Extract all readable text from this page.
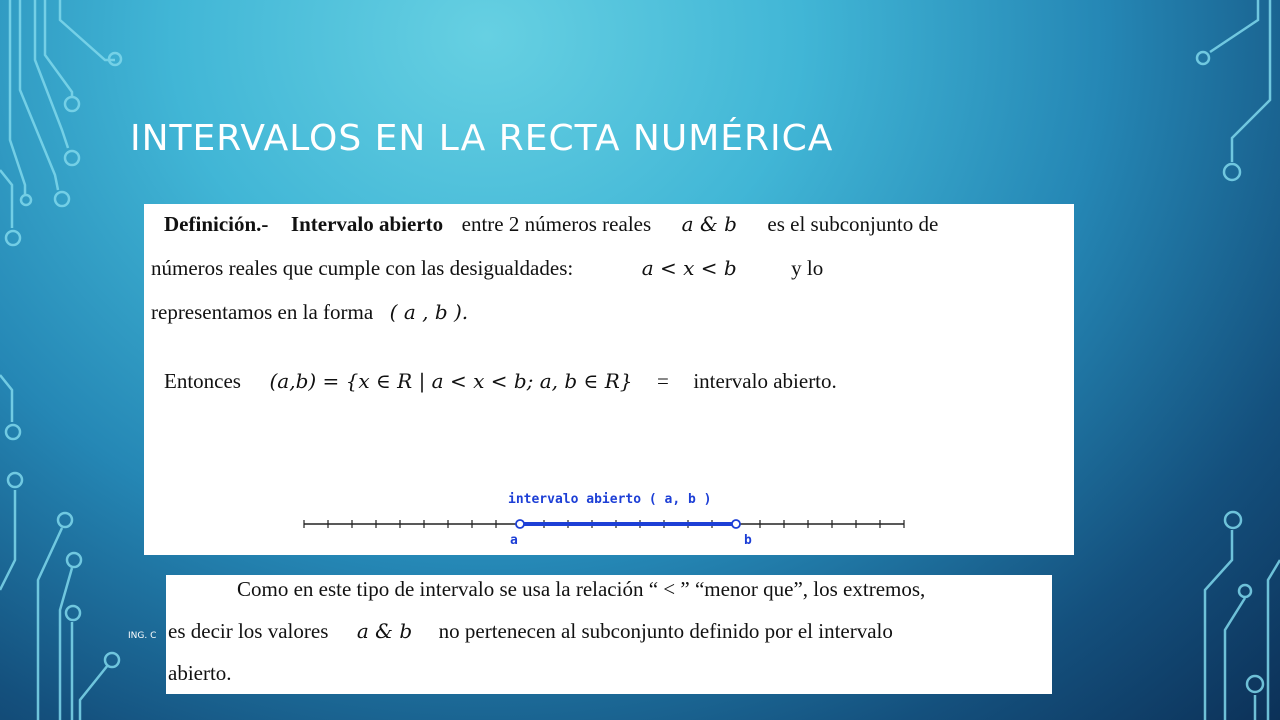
INTERVALOS EN LA RECTA NUMÉRICA
Definición.- Intervalo abierto entre 2 números reales a & b es el subconjunto de
números reales que cumple con las desigualdades:	a < x < b	y lo
representamos en la forma ( a , b ).
Entonces (a,b) = {x ∈ R | a < x < b; a, b ∈ R} = intervalo abierto.
intervalo abierto ( a, b )
a	b
Como en este tipo de intervalo se usa la relación “ < ” “menor que”, los extremos,
es decir los valores a & b no pertenecen al subconjunto definido por el intervalo
abierto.
ING. C
